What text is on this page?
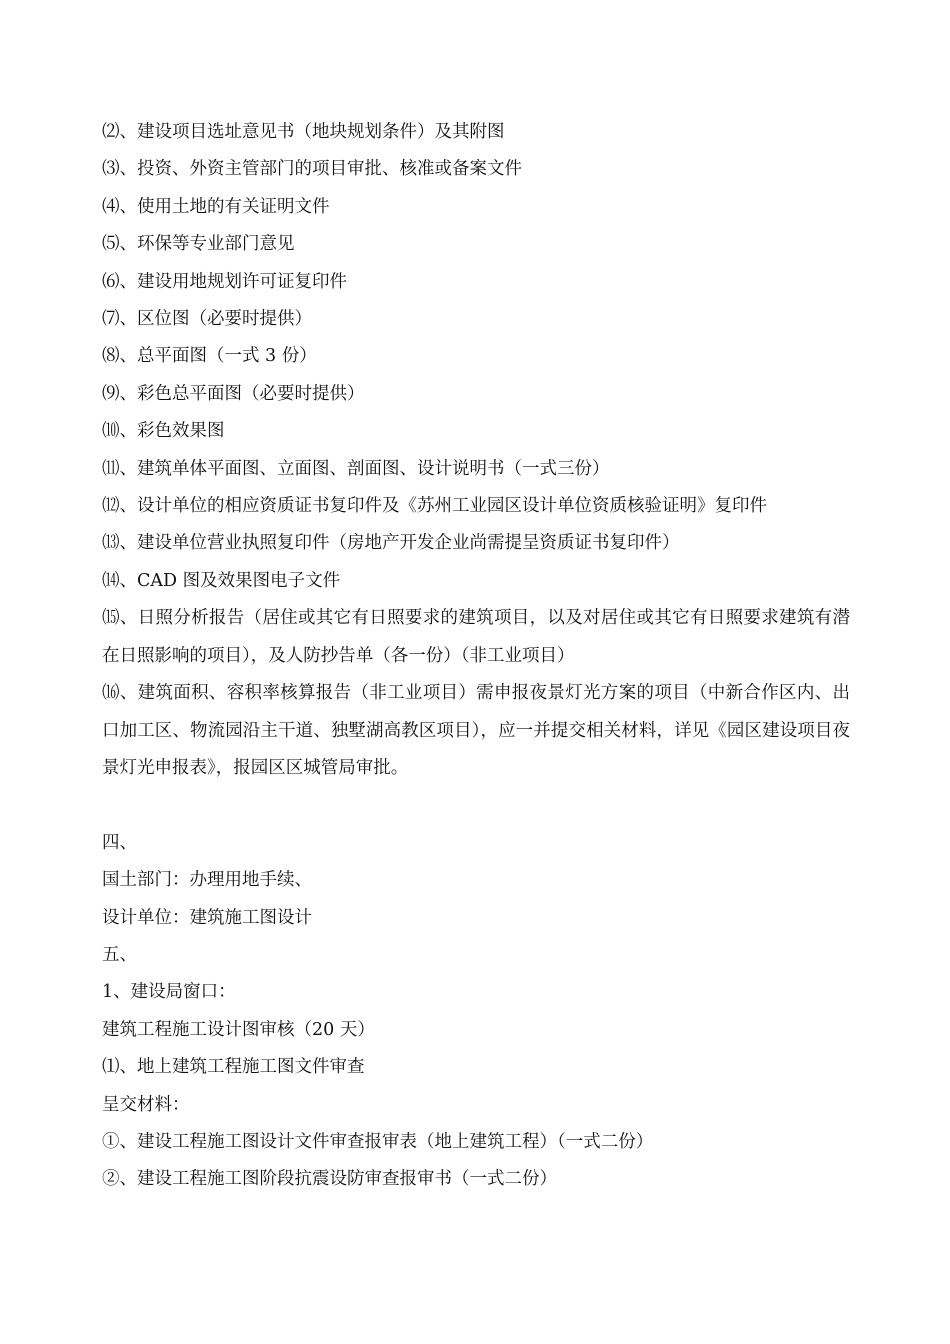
⑵、建设项目选址意见书（地块规划条件）及其附图
⑶、投资、外资主管部门的项目审批、核准或备案文件
⑷、使用土地的有关证明文件
⑸、环保等专业部门意见
⑹、建设用地规划许可证复印件
⑺、区位图（必要时提供）
⑻、总平面图（一式 3 份）
⑼、彩色总平面图（必要时提供）
⑽、彩色效果图
⑾、建筑单体平面图、立面图、剖面图、设计说明书（一式三份）
⑿、设计单位的相应资质证书复印件及《苏州工业园区设计单位资质核验证明》复印件
⒀、建设单位营业执照复印件（房地产开发企业尚需提呈资质证书复印件）
⒁、CAD 图及效果图电子文件
⒂、日照分析报告（居住或其它有日照要求的建筑项目，以及对居住或其它有日照要求建筑有潜在日照影响的项目），及人防抄告单（各一份）（非工业项目）
⒃、建筑面积、容积率核算报告（非工业项目）需申报夜景灯光方案的项目（中新合作区内、出口加工区、物流园沿主干道、独墅湖高教区项目），应一并提交相关材料，详见《园区建设项目夜景灯光申报表》，报园区区城管局审批。
四、
国土部门：办理用地手续、
设计单位：建筑施工图设计
五、
1、建设局窗口：
建筑工程施工设计图审核（20 天）
⑴、地上建筑工程施工图文件审查
呈交材料：
①、建设工程施工图设计文件审查报审表（地上建筑工程）（一式二份）
②、建设工程施工图阶段抗震设防审查报审书（一式二份）
